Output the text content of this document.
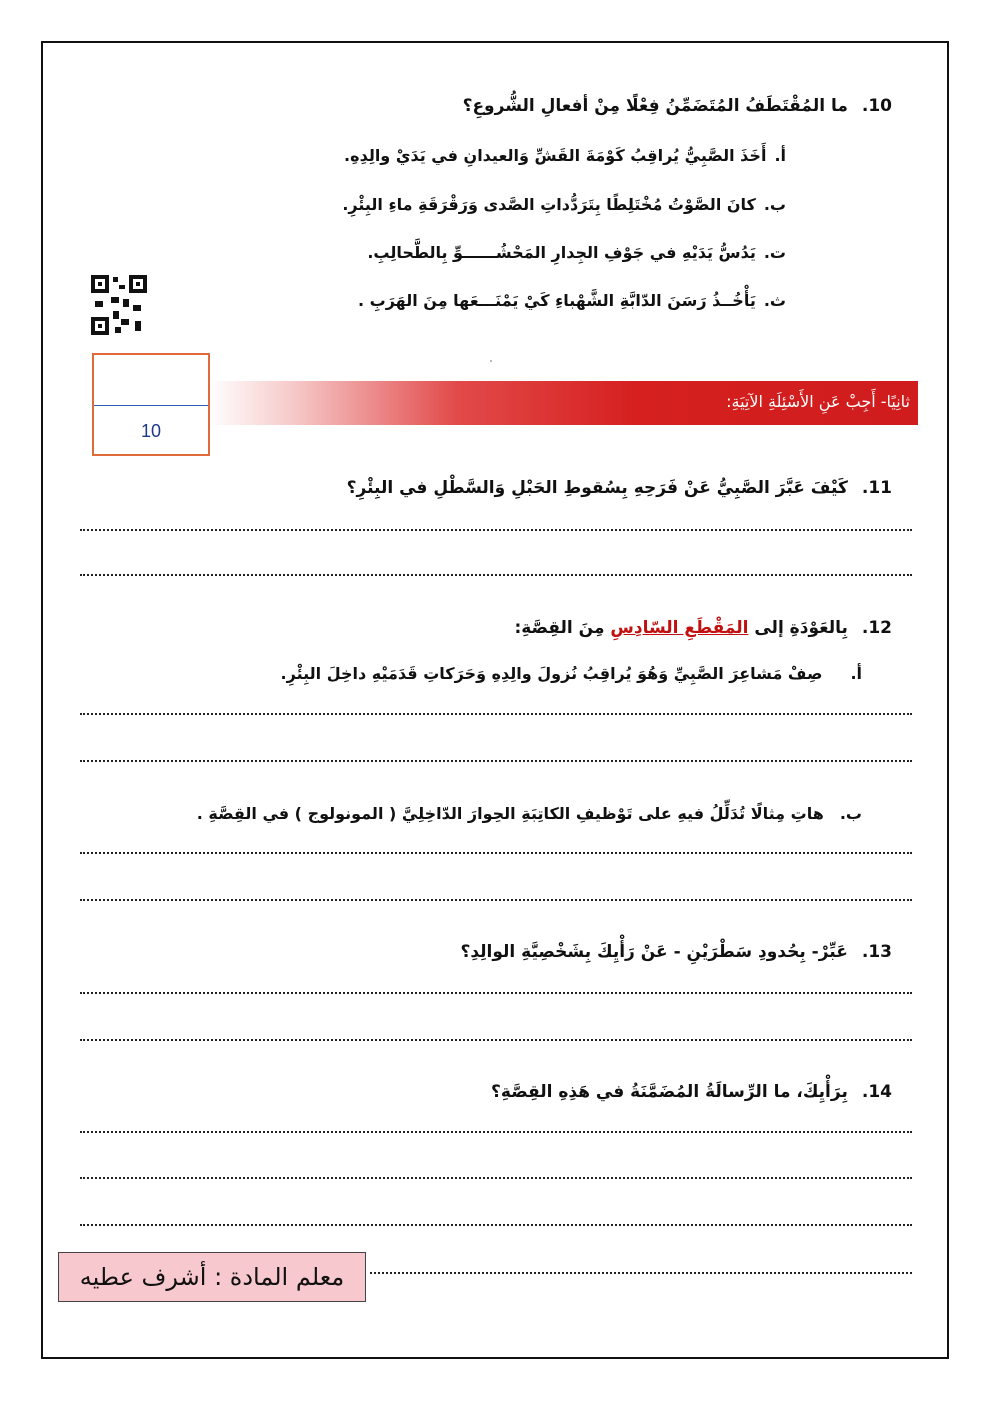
10.ما المُقْتَطَفُ المُتَضَمِّنُ فِعْلًا مِنْ أفعالِ الشُّروعِ؟
أ.أَخَذَ الصَّبِيُّ يُراقِبُ كَوْمَةَ القَشِّ وَالعيدانِ في يَدَيْ والِدِهِ.
ب.كانَ الصَّوْتُ مُخْتَلِطًا بِتَرَدُّداتِ الصَّدى وَرَقْرَقَةِ ماءِ البِئْرِ.
ت.يَدُسُّ يَدَيْهِ في جَوْفِ الجِدارِ المَحْشُــــــوِّ بِالطَّحالِبِ.
ث.يَأْخُــذُ رَسَنَ الدّابَّةِ الشَّهْباءِ كَيْ يَمْنَـــعَها مِنَ الهَرَبِ .
ثانِيًا- أَجِبْ عَنِ الأَسْئِلَةِ الآتِيَةِ:
10
11.كَيْفَ عَبَّرَ الصَّبِيُّ عَنْ فَرَحِهِ بِسُقوطِ الحَبْلِ وَالسَّطْلِ في البِئْرِ؟
12.بِالعَوْدَةِ إلى المَقْطَعِ السّادِسِ مِنَ القِصَّةِ:
أ.صِفْ مَشاعِرَ الصَّبِيِّ وَهُوَ يُراقِبُ نُزولَ والِدِهِ وَحَرَكاتِ قَدَمَيْهِ داخِلَ البِئْرِ.
ب.هاتِ مِثالًا تُدَلِّلُ فيهِ على تَوْظيفِ الكاتِبَةِ الحِوارَ الدّاخِلِيَّ ( المونولوج ) في القِصَّةِ .
13.عَبِّرْ- بِحُدودِ سَطْرَيْنِ - عَنْ رَأْيِكَ بِشَخْصِيَّةِ الوالِدِ؟
14.بِرَأْيِكَ، ما الرِّسالَةُ المُضَمَّنَةُ في هَذِهِ القِصَّةِ؟
معلم المادة : أشرف عطيه
